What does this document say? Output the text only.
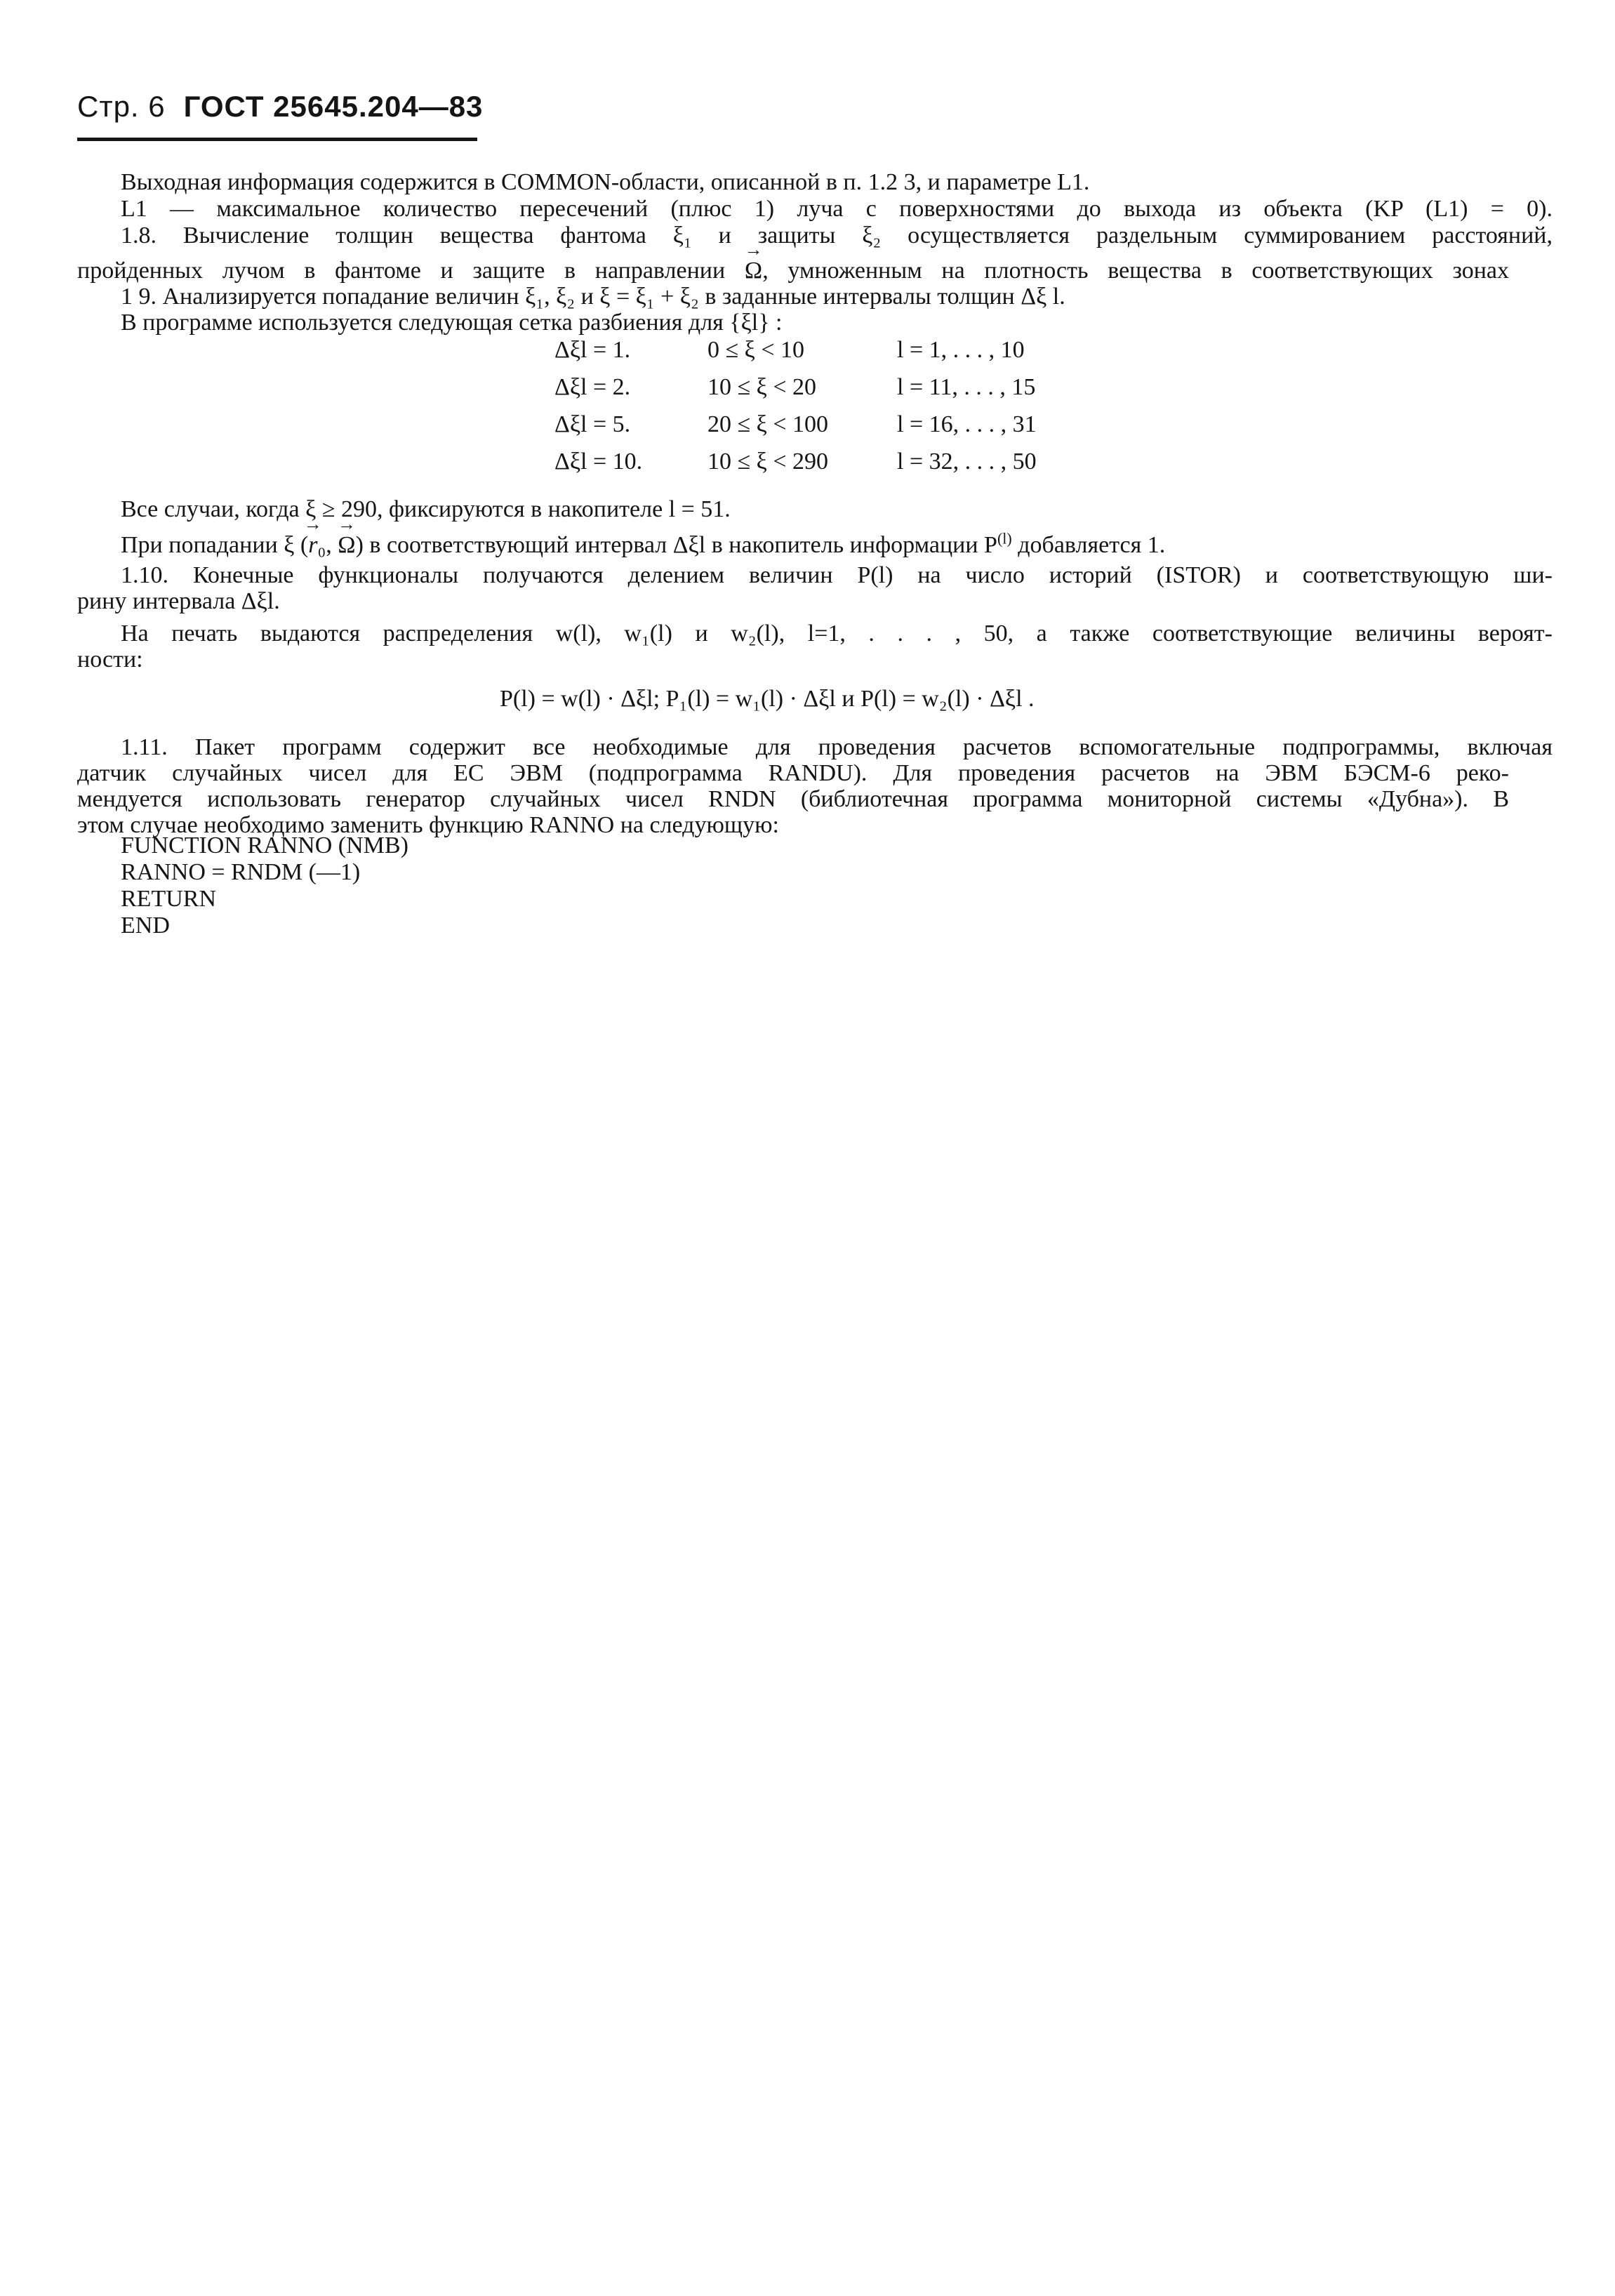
Стр. 6 ГОСТ 25645.204—83
Выходная информация содержится в COMMON-области, описанной в п. 1.2 3, и параметре L1.
L1 — максимальное количество пересечений (плюс 1) луча с поверхностями до выхода из объекта (KP (L1) = 0).
1.8. Вычисление толщин вещества фантома ξ₁ и защиты ξ₂ осуществляется раздельным суммированием расстояний,
пройденных лучом в фантоме и защите в направлении → Ω, умноженным на плотность вещества в соответствующих зонах
1 9. Анализируется попадание величин ξ₁, ξ₂ и ξ = ξ₁ + ξ₂ в заданные интервалы толщин Δξ l.
В программе используется следующая сетка разбиения для {ξl} :
Δξl = 1.	0 ≤ ξ < 10	l = 1, . . . , 10
Δξl = 2.	10 ≤ ξ < 20	l = 11, . . . , 15
Δξl = 5.	20 ≤ ξ < 100	l = 16, . . . , 31
Δξl = 10.	10 ≤ ξ < 290	l = 32, . . . , 50
Все случаи, когда ξ ≥ 290, фиксируются в накопителе l = 51.
При попадании ξ (→ r₀, → Ω) в соответствующий интервал Δξl в накопитель информации $P^{(l)}$ добавляется 1.
1.10. Конечные функционалы получаются делением величин P(l) на число историй (ISTOR) и соответствующую ши-
рину интервала Δξl.
На печать выдаются распределения w(l), w₁(l) и w₂(l), l=1, . . . , 50, а также соответствующие величины вероят-
ности:
P(l) = w(l) · Δξl; P₁(l) = w₁(l) · Δξl и P(l) = w₂(l) · Δξl .
1.11. Пакет программ содержит все необходимые для проведения расчетов вспомогательные подпрограммы, включая
датчик случайных чисел для ЕС ЭВМ (подпрограмма RANDU). Для проведения расчетов на ЭВМ БЭСМ-6 реко-
мендуется использовать генератор случайных чисел RNDN (библиотечная программа мониторной системы «Дубна»). В
этом случае необходимо заменить функцию RANNO на следующую:
FUNCTION RANNO (NMB)
RANNO = RNDM (—1)
RETURN
END
